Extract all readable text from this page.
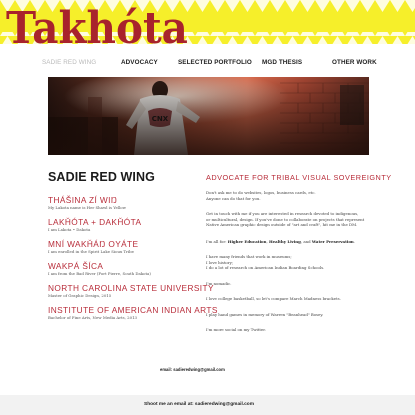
Takhóta
SADIE RED WING	ADVOCACY	SELECTED PORTFOLIO MGD THESIS	OTHER WORK
SADIE RED WING
THÁŠINA ZÍ WIŊ
My Lakota name is Her Shawl is Yellow
LAKȞÓTA + DAKȞÓTA
I am Lakota • Dakota
MNÍ WAKȞÁŊ OYÁTE
I am enrolled in the Spirit Lake Sioux Tribe
WAKPÁ ŠÍCA
I am from the Bad River (Fort Pierre, South Dakota)
NORTH CAROLINA STATE UNIVERSITY
Master of Graphic Design, 2015
INSTITUTE OF AMERICAN INDIAN ARTS
Bachelor of Fine Arts, New Media Arts, 2013
ADVOCATE FOR TRIBAL VISUAL SOVEREIGNTY

Don't ask me to do websites, logos, business cards, etc.
Anyone can do that for you.

Get in touch with me if you are interested in research devoted to indigenous,
or multicultural, design. If you've done to collaborate on projects that represent
Native American graphic design outside of "art and craft", hit me in the DM.

I'm all for: Higher Education, Healthy Living, and Water Preservation.

I have many friends that work in museums;
I love history;
I do a lot of research on American Indian Boarding Schools.

I'm nomadic.

I love college basketball, so let's compare March Madness brackets.

I play hand games in memory of Warren "Beanhead" Bosey.

I'm more social on my Twitter.

email: sadieredwing@gmail.com
Shoot me an email at: sadieredwing@gmail.com
